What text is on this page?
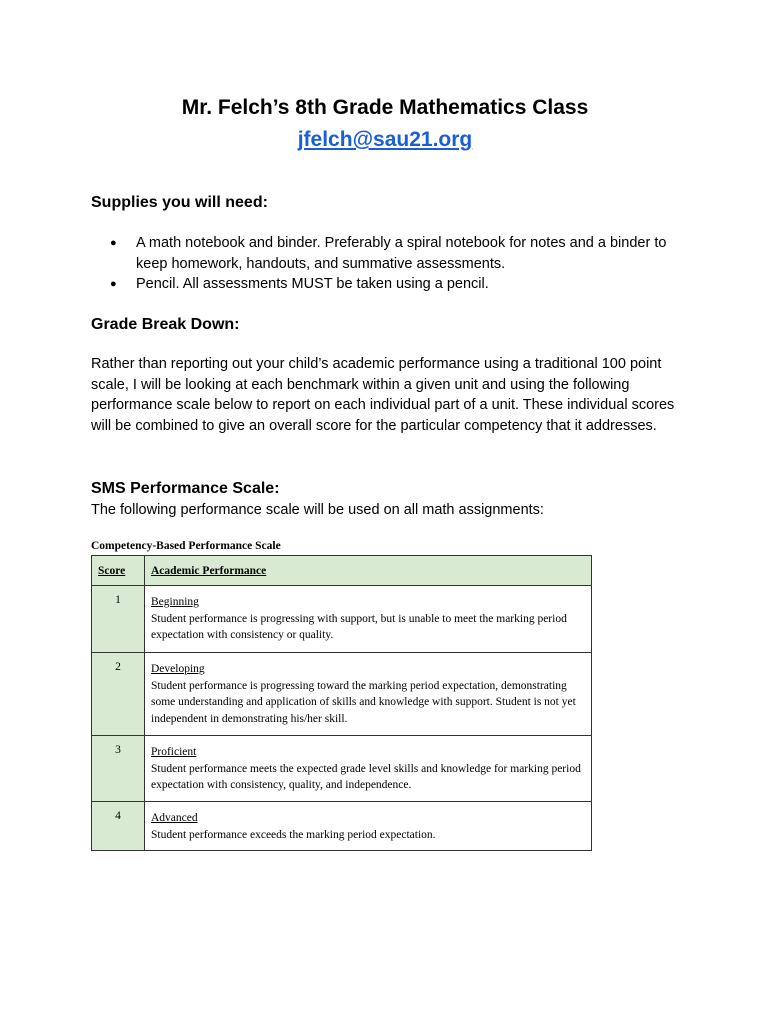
Mr. Felch’s 8th Grade Mathematics Class
jfelch@sau21.org
Supplies you will need:
● A math notebook and binder. Preferably a spiral notebook for notes and a binder to keep homework, handouts, and summative assessments.
● Pencil. All assessments MUST be taken using a pencil.
Grade Break Down:
Rather than reporting out your child’s academic performance using a traditional 100 point scale, I will be looking at each benchmark within a given unit and using the following performance scale below to report on each individual part of a unit. These individual scores will be combined to give an overall score for the particular competency that it addresses.
SMS Performance Scale:
The following performance scale will be used on all math assignments:
Competency-Based Performance Scale
Score	Academic Performance
1	Beginning
Student performance is progressing with support, but is unable to meet the marking period expectation with consistency or quality.

2	Developing
Student performance is progressing toward the marking period expectation, demonstrating some understanding and application of skills and knowledge with support. Student is not yet independent in demonstrating his/her skill.

3	Proficient
Student performance meets the expected grade level skills and knowledge for marking period expectation with consistency, quality, and independence.

4	Advanced
Student performance exceeds the marking period expectation.
